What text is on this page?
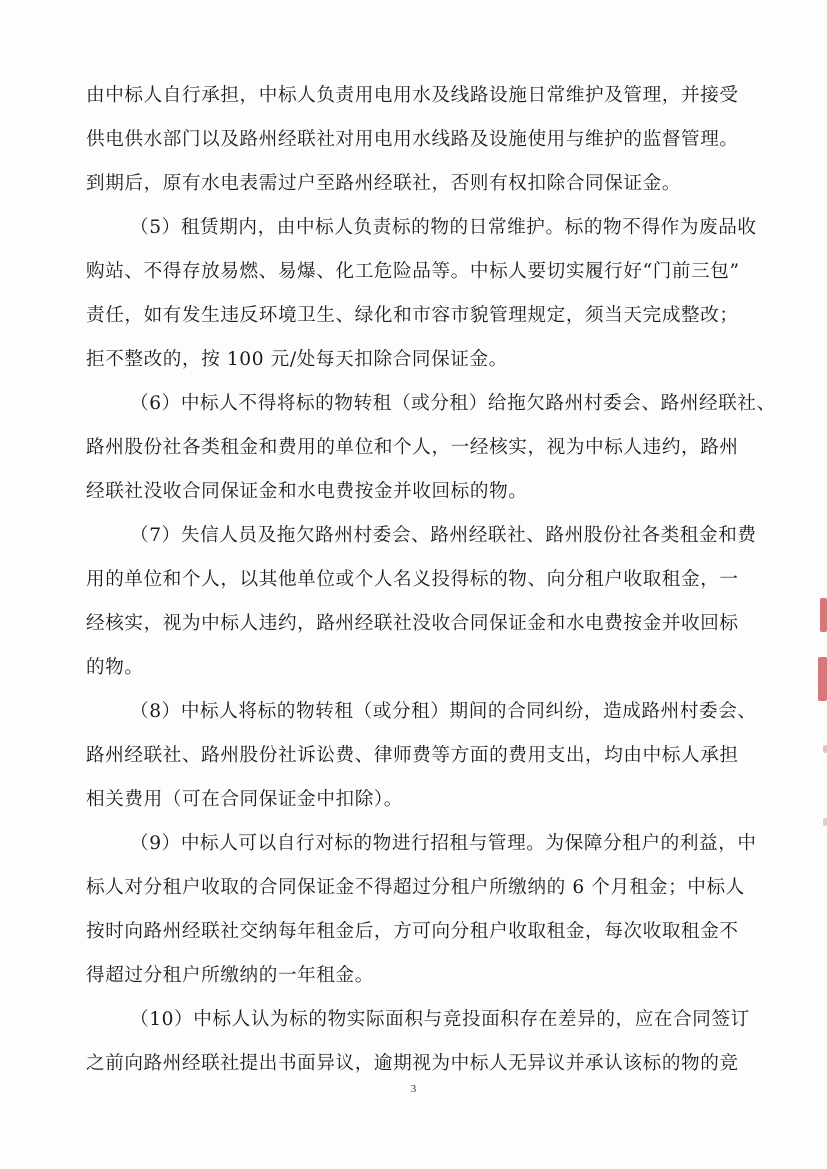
由中标人自行承担，中标人负责用电用水及线路设施日常维护及管理，并接受
供电供水部门以及路州经联社对用电用水线路及设施使用与维护的监督管理。
到期后，原有水电表需过户至路州经联社，否则有权扣除合同保证金。
（5）租赁期内，由中标人负责标的物的日常维护。标的物不得作为废品收
购站、不得存放易燃、易爆、化工危险品等。中标人要切实履行好“门前三包”
责任，如有发生违反环境卫生、绿化和市容市貌管理规定，须当天完成整改；
拒不整改的，按 100 元/处每天扣除合同保证金。
（6）中标人不得将标的物转租（或分租）给拖欠路州村委会、路州经联社、
路州股份社各类租金和费用的单位和个人，一经核实，视为中标人违约，路州
经联社没收合同保证金和水电费按金并收回标的物。
（7）失信人员及拖欠路州村委会、路州经联社、路州股份社各类租金和费
用的单位和个人，以其他单位或个人名义投得标的物、向分租户收取租金，一
经核实，视为中标人违约，路州经联社没收合同保证金和水电费按金并收回标
的物。
（8）中标人将标的物转租（或分租）期间的合同纠纷，造成路州村委会、
路州经联社、路州股份社诉讼费、律师费等方面的费用支出，均由中标人承担
相关费用（可在合同保证金中扣除）。
（9）中标人可以自行对标的物进行招租与管理。为保障分租户的利益，中
标人对分租户收取的合同保证金不得超过分租户所缴纳的 6 个月租金；中标人
按时向路州经联社交纳每年租金后，方可向分租户收取租金，每次收取租金不
得超过分租户所缴纳的一年租金。
（10）中标人认为标的物实际面积与竞投面积存在差异的，应在合同签订
之前向路州经联社提出书面异议，逾期视为中标人无异议并承认该标的物的竞
3
